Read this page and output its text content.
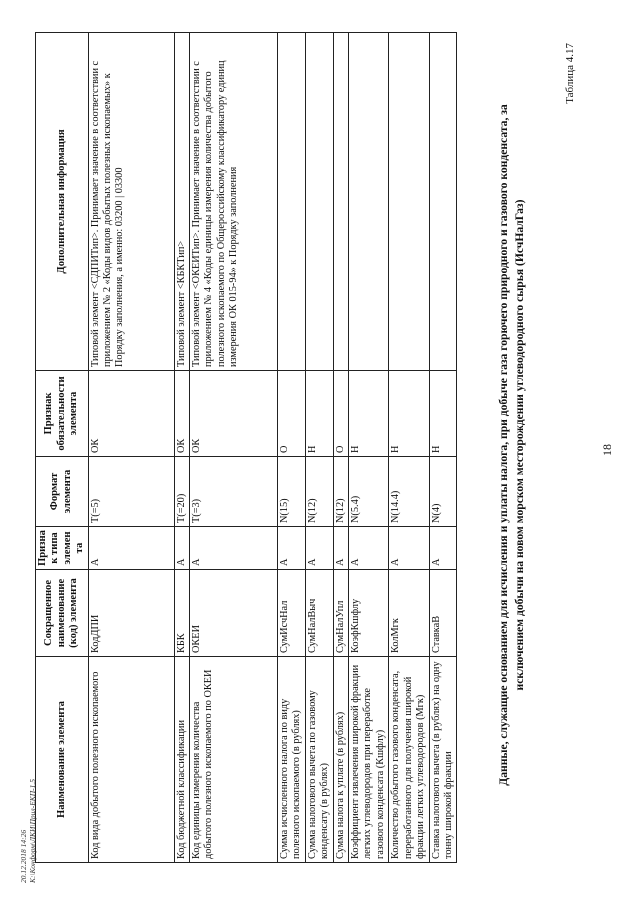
18
Таблица 4.17
Данные, служащие основанием для исчисления и уплаты налога, при добыче газа горючего природного и газового конденсата, за исключением добычи на новом морском месторождении углеводородного сырья (ИсчНалГаз)
Наименование элемента	Сокращенное наименование (код) элемента	Признак типа элемента	Формат элемента	Признак обязательности элемента	Дополнительная информация
Код вида добытого полезного ископаемого	КодДПИ	А	T(=5)	ОК	Типовой элемент <СДПИТип>. Принимает значение в соответствии с приложением № 2 «Коды видов добытых полезных ископаемых» к Порядку заполнения, а именно: 03200 | 03300
Код бюджетной классификации	КБК	А	T(=20)	ОК	Типовой элемент <КБКТип>
Код единицы измерения количества добытого полезного ископаемого по ОКЕИ	ОКЕИ	А	T(=3)	ОК	Типовой элемент <ОКЕИТип>. Принимает значение в соответствии с приложением № 4 «Коды единицы измерения количества добытого полезного ископаемого по Общероссийскому классификатору единиц измерения ОК 015-94» к Порядку заполнения
Сумма исчисленного налога по виду полезного ископаемого (в рублях)	СумИсчНал	А	N(15)	О	
Сумма налогового вычета по газовому конденсату (в рублях)	СумНалВыч	А	N(12)	Н	
Сумма налога к уплате (в рублях)	СумНалУпл	А	N(12)	О	
Коэффициент извлечения широкой фракции легких углеводородов при переработке газового конденсата (Кшфлу)	КоэфКшфлу	А	N(5.4)	Н	
Количество добытого газового конденсата, переработанного для получения широкой фракции легких углеводородов (Мгк)	КолМгк	А	N(14.4)	Н	
Ставка налогового вычета (в рублях) на одну тонну широкой фракции	СтавкаВ	А	N(4)	Н	
20.12.2018 14:26 К:\Конформ\ЛКИ\Прил-ЕКП-1.5
